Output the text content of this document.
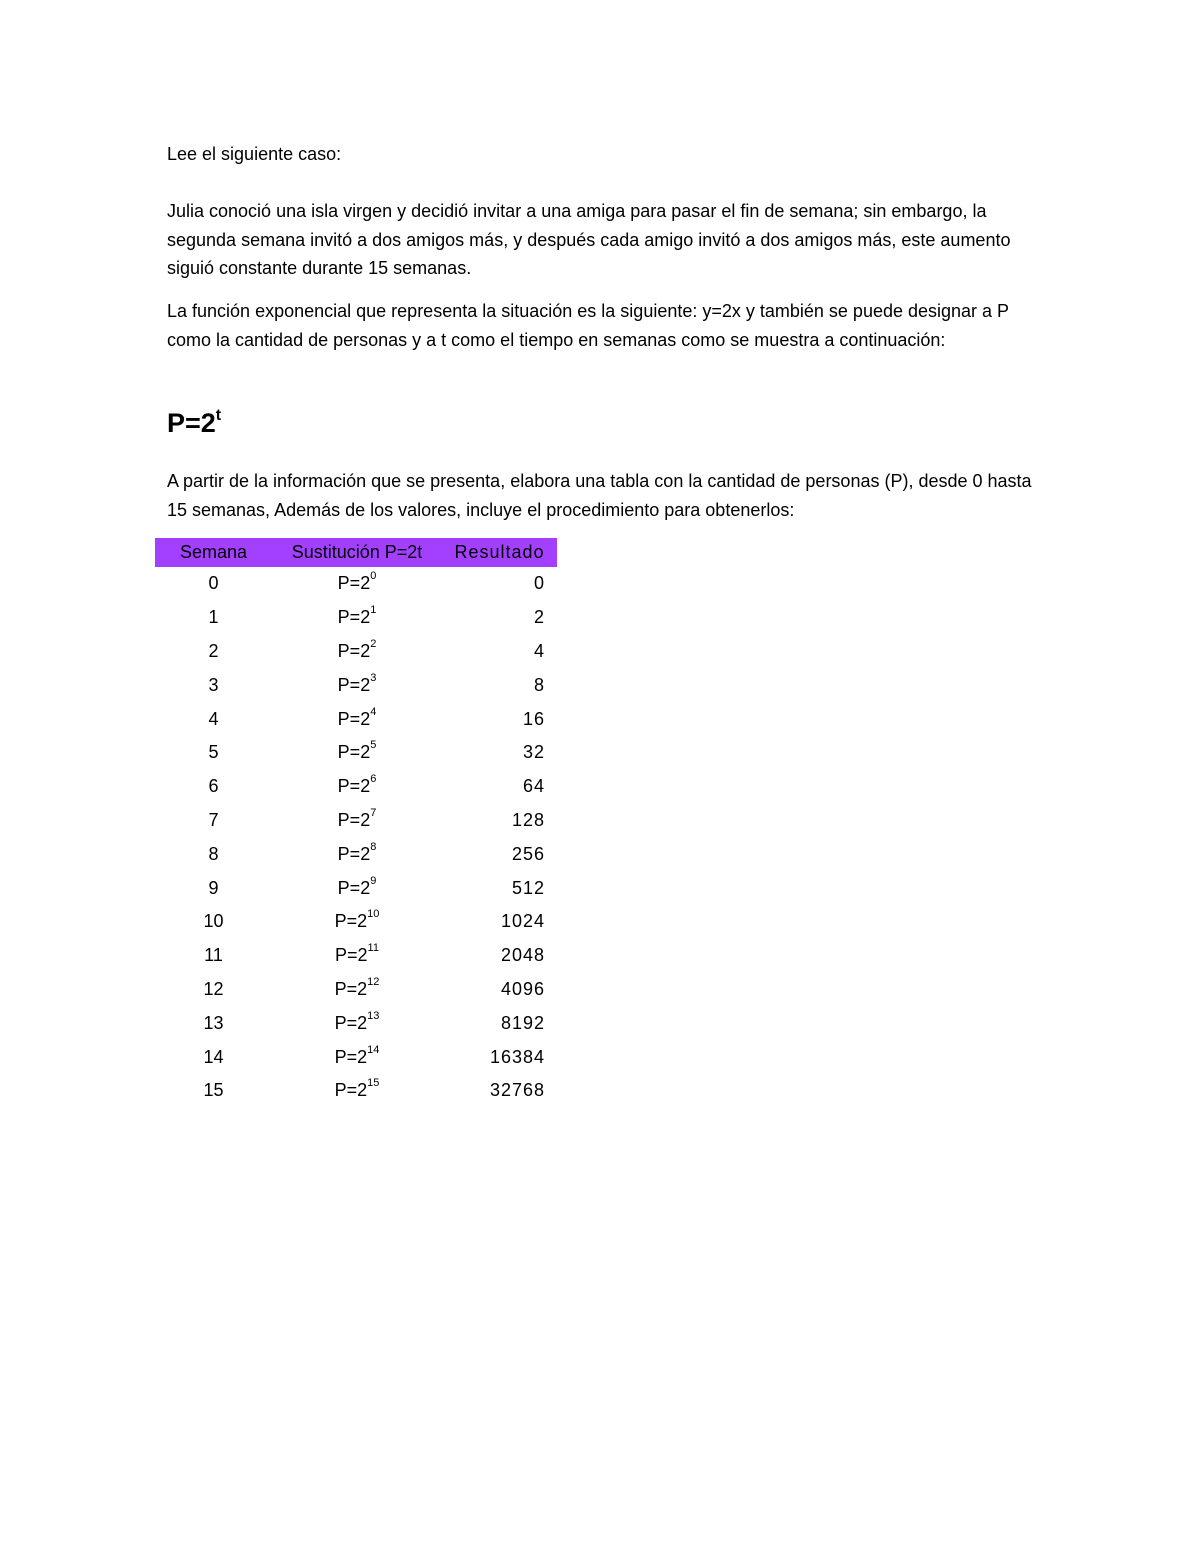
Lee el siguiente caso:

Julia conoció una isla virgen y decidió invitar a una amiga para pasar el fin de semana; sin embargo, la segunda semana invitó a dos amigos más, y después cada amigo invitó a dos amigos más, este aumento siguió constante durante 15 semanas.

La función exponencial que representa la situación es la siguiente: y=2x y también se puede designar a P como la cantidad de personas y a t como el tiempo en semanas como se muestra a continuación:

$P=2^t$

A partir de la información que se presenta, elabora una tabla con la cantidad de personas (P), desde 0 hasta 15 semanas, Además de los valores, incluye el procedimiento para obtenerlos:

Semana	Sustitución P=2t	Resultado
0	$P=2^0$	0
1	$P=2^1$	2
2	$P=2^2$	4
3	$P=2^3$	8
4	$P=2^4$	16
5	$P=2^5$	32
6	$P=2^6$	64
7	$P=2^7$	128
8	$P=2^8$	256
9	$P=2^9$	512
10	$P=2^{10}$	1024
11	$P=2^{11}$	2048
12	$P=2^{12}$	4096
13	$P=2^{13}$	8192
14	$P=2^{14}$	16384
15	$P=2^{15}$	32768
